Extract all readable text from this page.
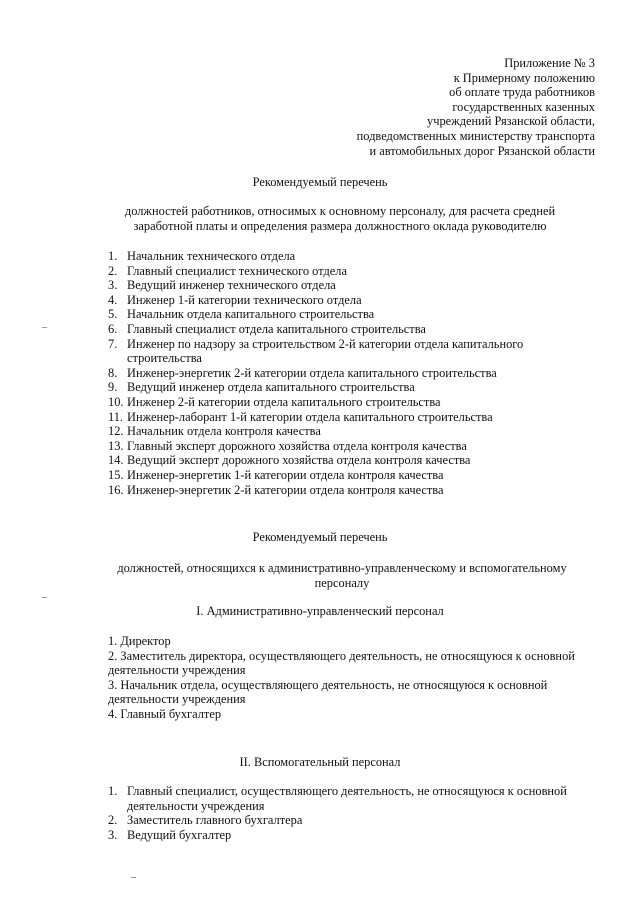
Приложение № 3
к Примерному положению
об оплате труда работников
государственных казенных
учреждений Рязанской области,
подведомственных министерству транспорта
и автомобильных дорог Рязанской области
Рекомендуемый перечень
должностей работников, относимых к основному персоналу, для расчета средней заработной платы и определения размера должностного оклада руководителю
1. Начальник технического отдела
2. Главный специалист технического отдела
3. Ведущий инженер технического отдела
4. Инженер 1-й категории технического отдела
5. Начальник отдела капитального строительства
6. Главный специалист отдела капитального строительства
7. Инженер по надзору за строительством 2-й категории отдела капитального строительства
8. Инженер-энергетик 2-й категории отдела капитального строительства
9. Ведущий инженер отдела капитального строительства
10. Инженер 2-й категории отдела капитального строительства
11. Инженер-лаборант 1-й категории отдела капитального строительства
12. Начальник отдела контроля качества
13. Главный эксперт дорожного хозяйства отдела контроля качества
14. Ведущий эксперт дорожного хозяйства отдела контроля качества
15. Инженер-энергетик 1-й категории отдела контроля качества
16. Инженер-энергетик 2-й категории отдела контроля качества
Рекомендуемый перечень
должностей, относящихся к административно-управленческому и вспомогательному персоналу
I. Административно-управленческий персонал
1. Директор
2. Заместитель директора, осуществляющего деятельность, не относящуюся к основной деятельности учреждения
3. Начальник отдела, осуществляющего деятельность, не относящуюся к основной деятельности учреждения
4. Главный бухгалтер
II. Вспомогательный персонал
1. Главный специалист, осуществляющего деятельность, не относящуюся к основной деятельности учреждения
2. Заместитель главного бухгалтера
3. Ведущий бухгалтер
